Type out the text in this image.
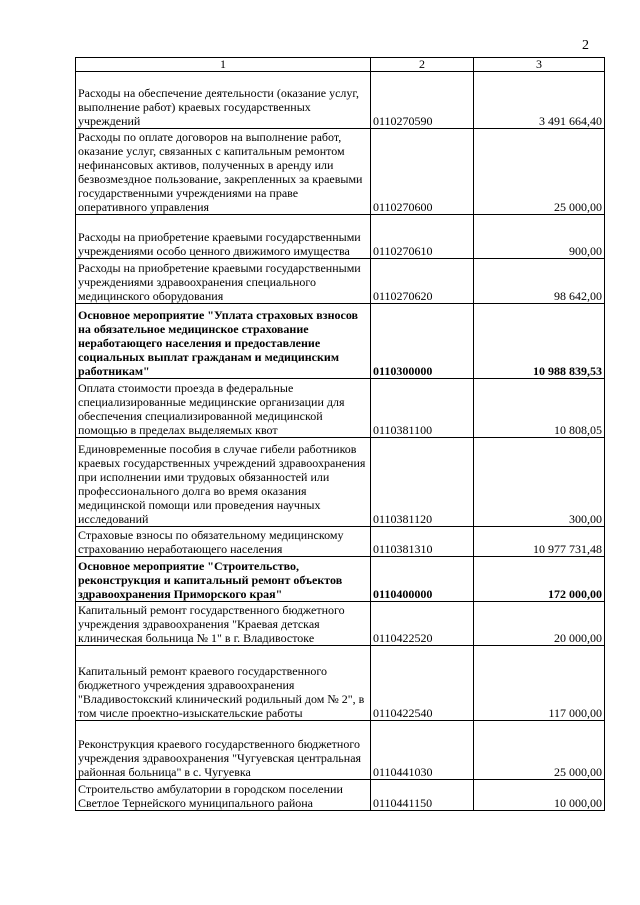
2
1	2	3
Расходы на обеспечение деятельности (оказание услуг, выполнение работ) краевых государственных учреждений	0110270590	3 491 664,40
Расходы по оплате договоров на выполнение работ, оказание услуг, связанных с капитальным ремонтом нефинансовых активов, полученных в аренду или безвозмездное пользование, закрепленных за краевыми государственными учреждениями на праве оперативного управления	0110270600	25 000,00
Расходы на приобретение краевыми государственными учреждениями особо ценного движимого имущества	0110270610	900,00
Расходы на приобретение краевыми государственными учреждениями здравоохранения специального медицинского оборудования	0110270620	98 642,00
Основное мероприятие "Уплата страховых взносов на обязательное медицинское страхование неработающего населения и предоставление социальных выплат гражданам и медицинским работникам"	0110300000	10 988 839,53
Оплата стоимости проезда в федеральные специализированные медицинские организации для обеспечения специализированной медицинской помощью в пределах выделяемых квот	0110381100	10 808,05
Единовременные пособия в случае гибели работников краевых государственных учреждений здравоохранения при исполнении ими трудовых обязанностей или профессионального долга во время оказания медицинской помощи или проведения научных исследований	0110381120	300,00
Страховые взносы по обязательному медицинскому страхованию неработающего населения	0110381310	10 977 731,48
Основное мероприятие "Строительство, реконструкция и капитальный ремонт объектов здравоохранения Приморского края"	0110400000	172 000,00
Капитальный ремонт государственного бюджетного учреждения здравоохранения "Краевая детская клиническая больница № 1" в г. Владивостоке	0110422520	20 000,00
Капитальный ремонт краевого государственного бюджетного учреждения здравоохранения "Владивостокский клинический родильный дом № 2", в том числе проектно-изыскательские работы	0110422540	117 000,00
Реконструкция краевого государственного бюджетного учреждения здравоохранения "Чугуевская центральная районная больница" в с. Чугуевка	0110441030	25 000,00
Строительство амбулатории в городском поселении Светлое Тернейского муниципального района	0110441150	10 000,00
